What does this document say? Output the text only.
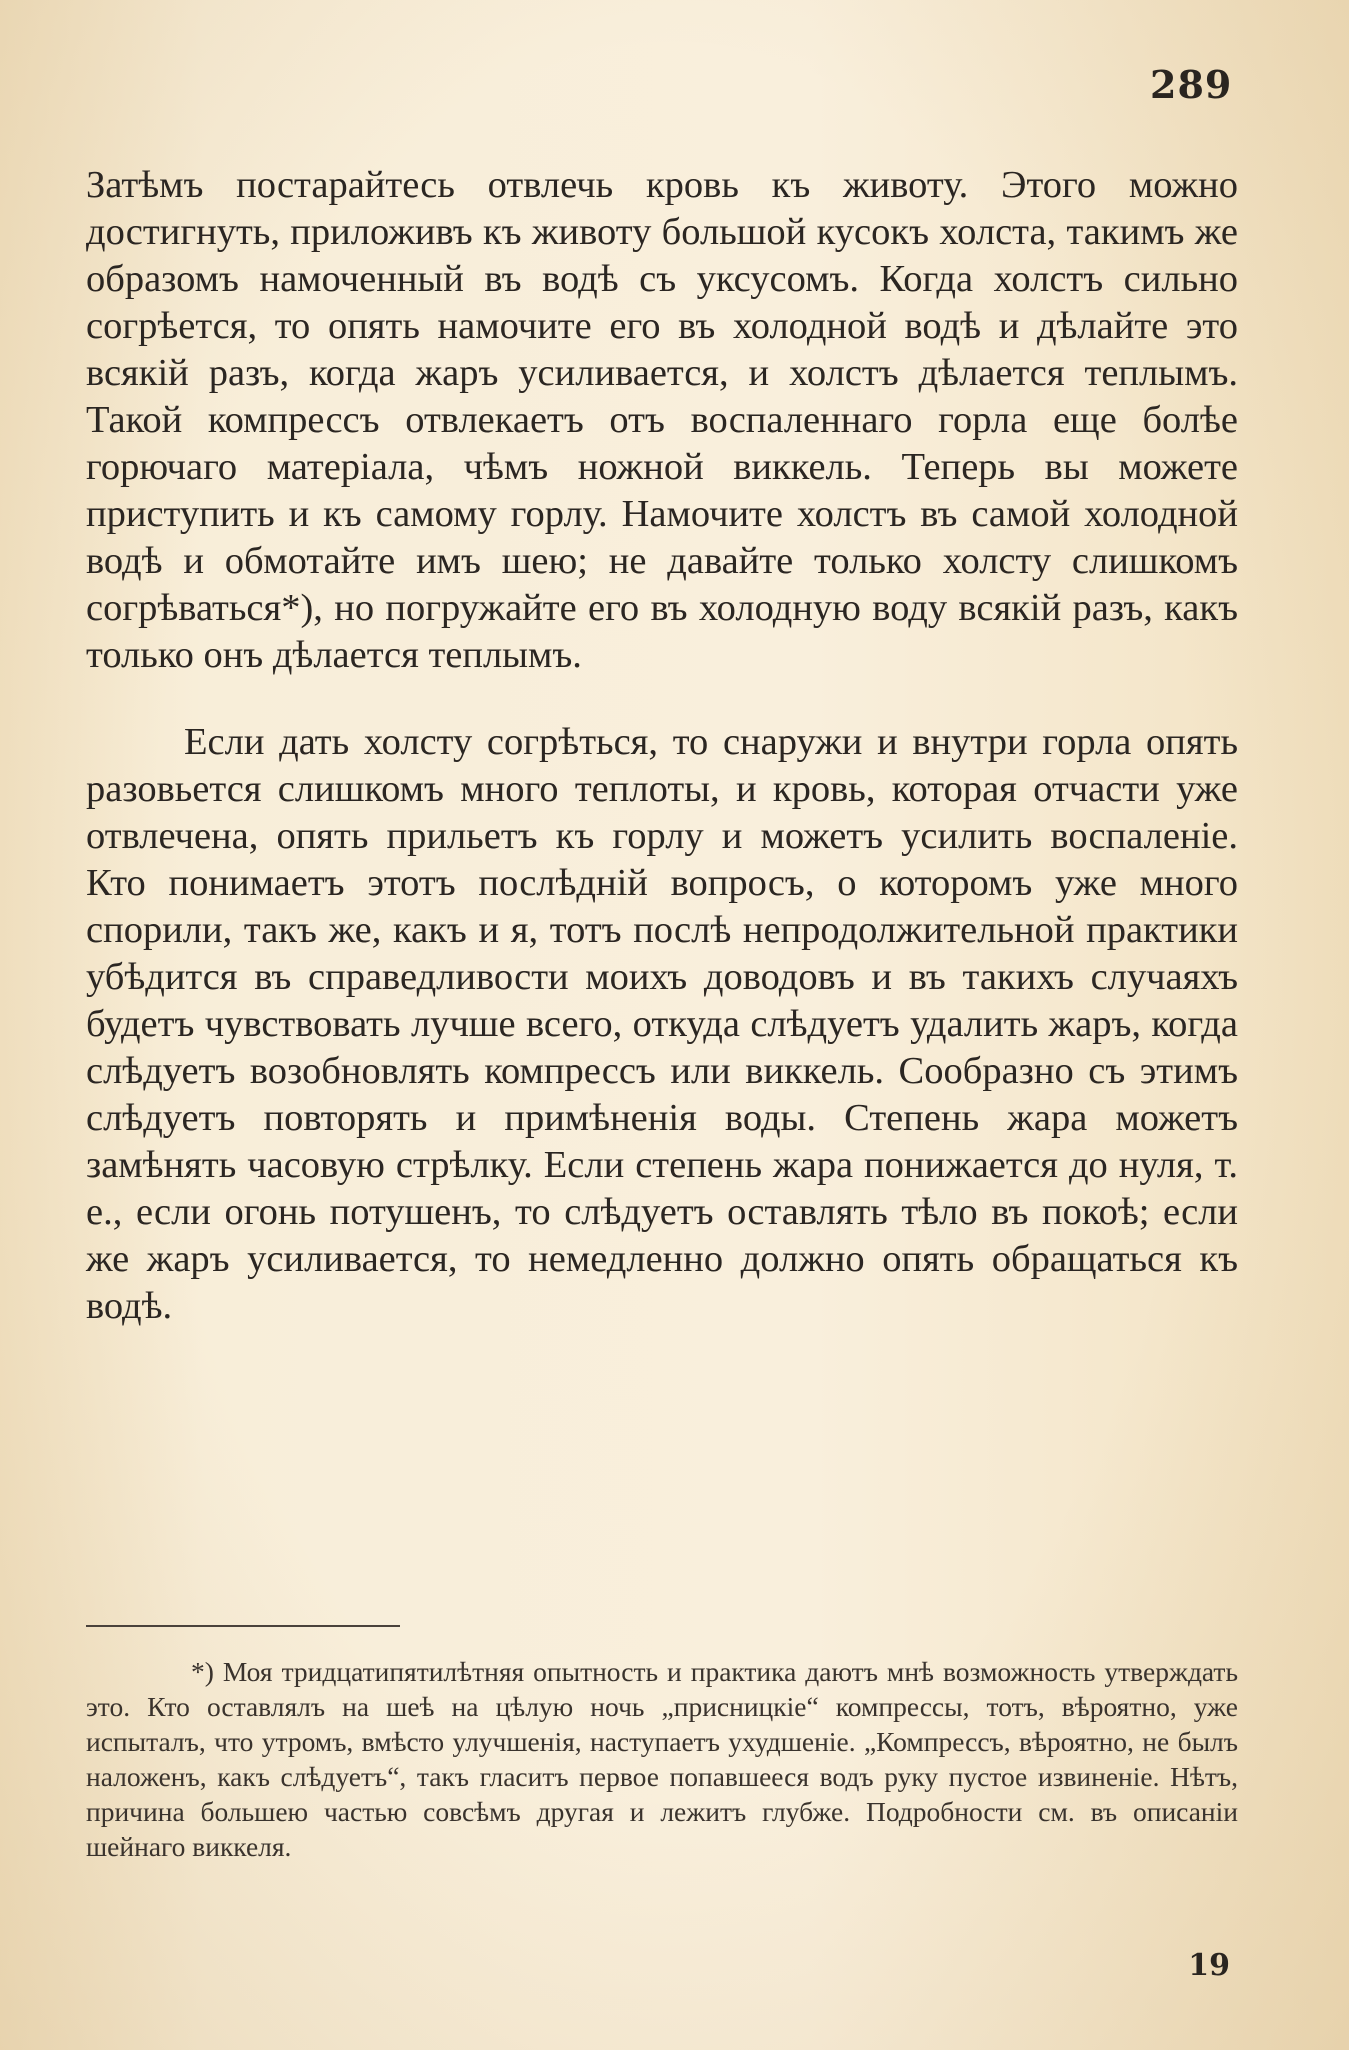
289

Затѣмъ постарайтесь отвлечь кровь къ животу. Этого можно достигнуть, приложивъ къ животу большой кусокъ холста, такимъ же образомъ намоченный въ водѣ съ уксусомъ. Когда холстъ сильно согрѣется, то опять намочите его въ холодной водѣ и дѣлайте это всякій разъ, когда жаръ усиливается, и холстъ дѣлается теплымъ. Такой компрессъ отвлекаетъ отъ воспаленнаго горла еще болѣе горючаго матеріала, чѣмъ ножной виккель. Теперь вы можете приступить и къ самому горлу. Намочите холстъ въ самой холодной водѣ и обмотайте имъ шею; не давайте только холсту слишкомъ согрѣваться*), но погружайте его въ холодную воду всякій разъ, какъ только онъ дѣлается теплымъ.

Если дать холсту согрѣться, то снаружи и внутри горла опять разовьется слишкомъ много теплоты, и кровь, которая отчасти уже отвлечена, опять прильетъ къ горлу и можетъ усилить воспаленіе. Кто понимаетъ этотъ послѣдній вопросъ, о которомъ уже много спорили, такъ же, какъ и я, тотъ послѣ непродолжительной практики убѣдится въ справедливости моихъ доводовъ и въ такихъ случаяхъ будетъ чувствовать лучше всего, откуда слѣдуетъ удалить жаръ, когда слѣдуетъ возобновлять компрессъ или виккель. Сообразно съ этимъ слѣдуетъ повторять и примѣненія воды. Степень жара можетъ замѣнять часовую стрѣлку. Если степень жара понижается до нуля, т. е., если огонь потушенъ, то слѣдуетъ оставлять тѣло въ покоѣ; если же жаръ усиливается, то немедленно должно опять обращаться къ водѣ.

*) Моя тридцатипятилѣтняя опытность и практика даютъ мнѣ возможность утверждать это. Кто оставлялъ на шеѣ на цѣлую ночь „присницкіе“ компрессы, тотъ, вѣроятно, уже испыталъ, что утромъ, вмѣсто улучшенія, наступаетъ ухудшеніе. „Компрессъ, вѣроятно, не былъ наложенъ, какъ слѣдуетъ“, такъ гласитъ первое попавшееся водъ руку пустое извиненіе. Нѣтъ, причина большею частью совсѣмъ другая и лежитъ глубже. Подробности см. въ описаніи шейнаго виккеля.
19
